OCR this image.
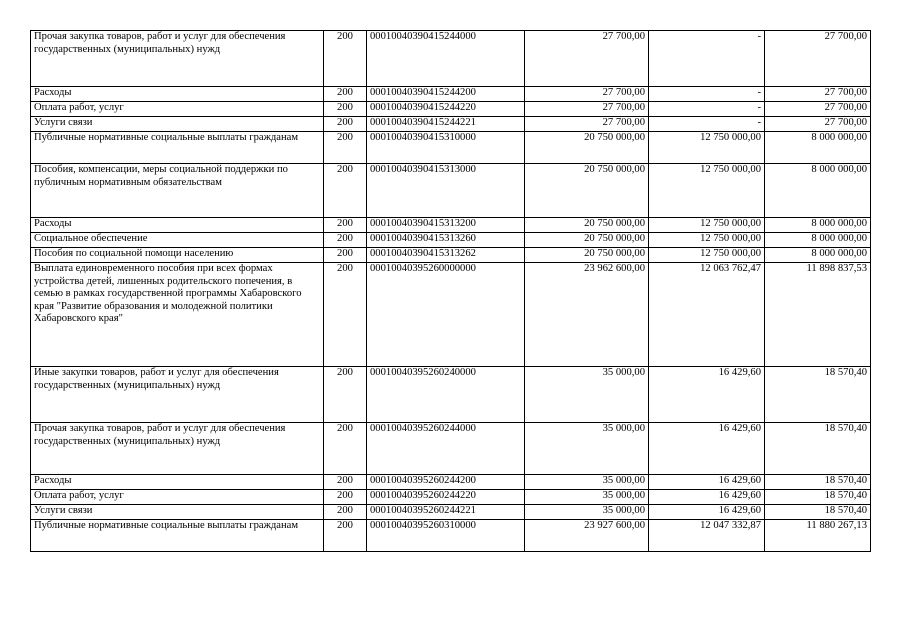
Прочая закупка товаров, работ и услуг для обеспечения государственных (муниципальных) нужд	200	00010040390415244000	27 700,00	-	27 700,00
Расходы	200	00010040390415244200	27 700,00	-	27 700,00
Оплата работ, услуг	200	00010040390415244220	27 700,00	-	27 700,00
Услуги связи	200	00010040390415244221	27 700,00	-	27 700,00
Публичные нормативные социальные выплаты гражданам	200	00010040390415310000	20 750 000,00	12 750 000,00	8 000 000,00
Пособия, компенсации, меры социальной поддержки по публичным нормативным обязательствам	200	00010040390415313000	20 750 000,00	12 750 000,00	8 000 000,00
Расходы	200	00010040390415313200	20 750 000,00	12 750 000,00	8 000 000,00
Социальное обеспечение	200	00010040390415313260	20 750 000,00	12 750 000,00	8 000 000,00
Пособия по социальной помощи населению	200	00010040390415313262	20 750 000,00	12 750 000,00	8 000 000,00
Выплата единовременного пособия при всех формах устройства детей, лишенных родительского попечения, в семью в рамках государственной программы Хабаровского края "Развитие образования и молодежной политики Хабаровского края"	200	00010040395260000000	23 962 600,00	12 063 762,47	11 898 837,53
Иные закупки товаров, работ и услуг для обеспечения государственных (муниципальных) нужд	200	00010040395260240000	35 000,00	16 429,60	18 570,40
Прочая закупка товаров, работ и услуг для обеспечения государственных (муниципальных) нужд	200	00010040395260244000	35 000,00	16 429,60	18 570,40
Расходы	200	00010040395260244200	35 000,00	16 429,60	18 570,40
Оплата работ, услуг	200	00010040395260244220	35 000,00	16 429,60	18 570,40
Услуги связи	200	00010040395260244221	35 000,00	16 429,60	18 570,40
Публичные нормативные социальные выплаты гражданам	200	00010040395260310000	23 927 600,00	12 047 332,87	11 880 267,13
